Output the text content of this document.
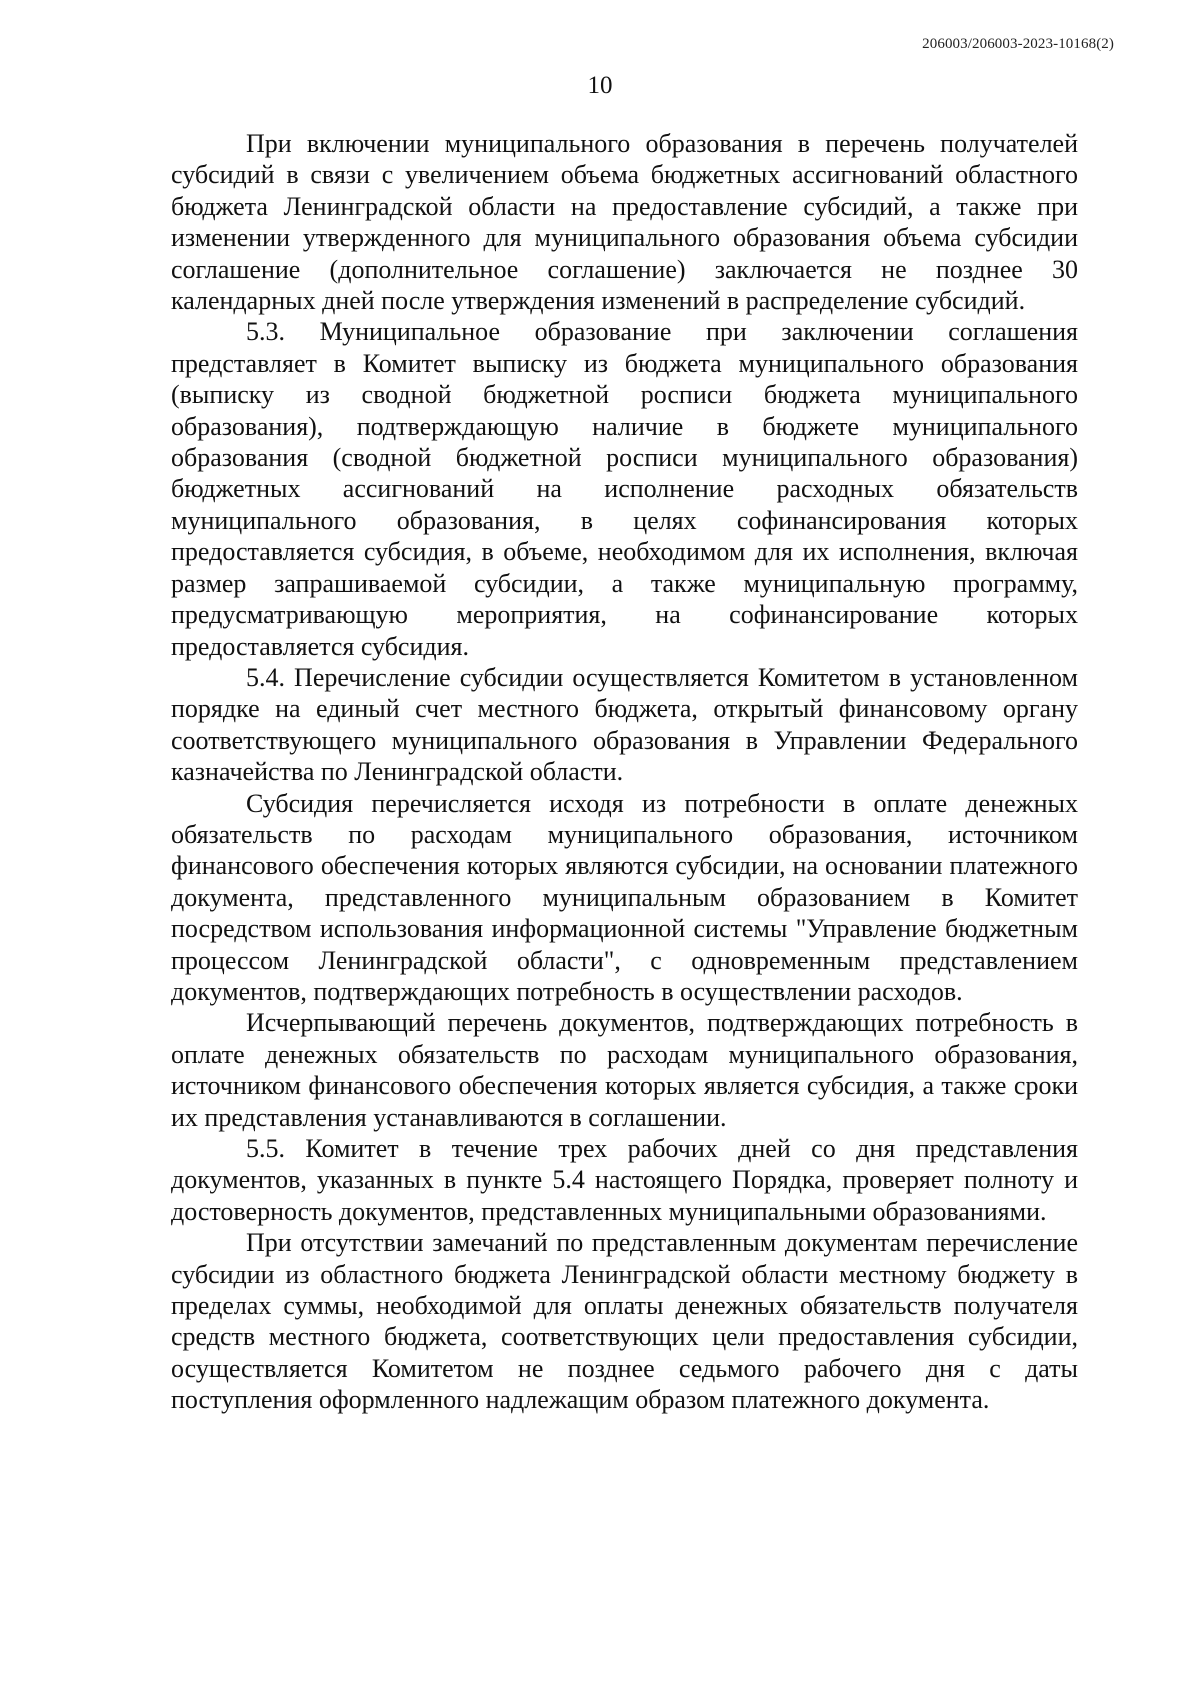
206003/206003-2023-10168(2)
10

При включении муниципального образования в перечень получателей субсидий в связи с увеличением объема бюджетных ассигнований областного бюджета Ленинградской области на предоставление субсидий, а также при изменении утвержденного для муниципального образования объема субсидии соглашение (дополнительное соглашение) заключается не позднее 30 календарных дней после утверждения изменений в распределение субсидий.

5.3. Муниципальное образование при заключении соглашения представляет в Комитет выписку из бюджета муниципального образования (выписку из сводной бюджетной росписи бюджета муниципального образования), подтверждающую наличие в бюджете муниципального образования (сводной бюджетной росписи муниципального образования) бюджетных ассигнований на исполнение расходных обязательств муниципального образования, в целях софинансирования которых предоставляется субсидия, в объеме, необходимом для их исполнения, включая размер запрашиваемой субсидии, а также муниципальную программу, предусматривающую мероприятия, на софинансирование которых предоставляется субсидия.

5.4. Перечисление субсидии осуществляется Комитетом в установленном порядке на единый счет местного бюджета, открытый финансовому органу соответствующего муниципального образования в Управлении Федерального казначейства по Ленинградской области.

Субсидия перечисляется исходя из потребности в оплате денежных обязательств по расходам муниципального образования, источником финансового обеспечения которых являются субсидии, на основании платежного документа, представленного муниципальным образованием в Комитет посредством использования информационной системы "Управление бюджетным процессом Ленинградской области", с одновременным представлением документов, подтверждающих потребность в осуществлении расходов.

Исчерпывающий перечень документов, подтверждающих потребность в оплате денежных обязательств по расходам муниципального образования, источником финансового обеспечения которых является субсидия, а также сроки их представления устанавливаются в соглашении.

5.5. Комитет в течение трех рабочих дней со дня представления документов, указанных в пункте 5.4 настоящего Порядка, проверяет полноту и достоверность документов, представленных муниципальными образованиями.

При отсутствии замечаний по представленным документам перечисление субсидии из областного бюджета Ленинградской области местному бюджету в пределах суммы, необходимой для оплаты денежных обязательств получателя средств местного бюджета, соответствующих цели предоставления субсидии, осуществляется Комитетом не позднее седьмого рабочего дня с даты поступления оформленного надлежащим образом платежного документа.
